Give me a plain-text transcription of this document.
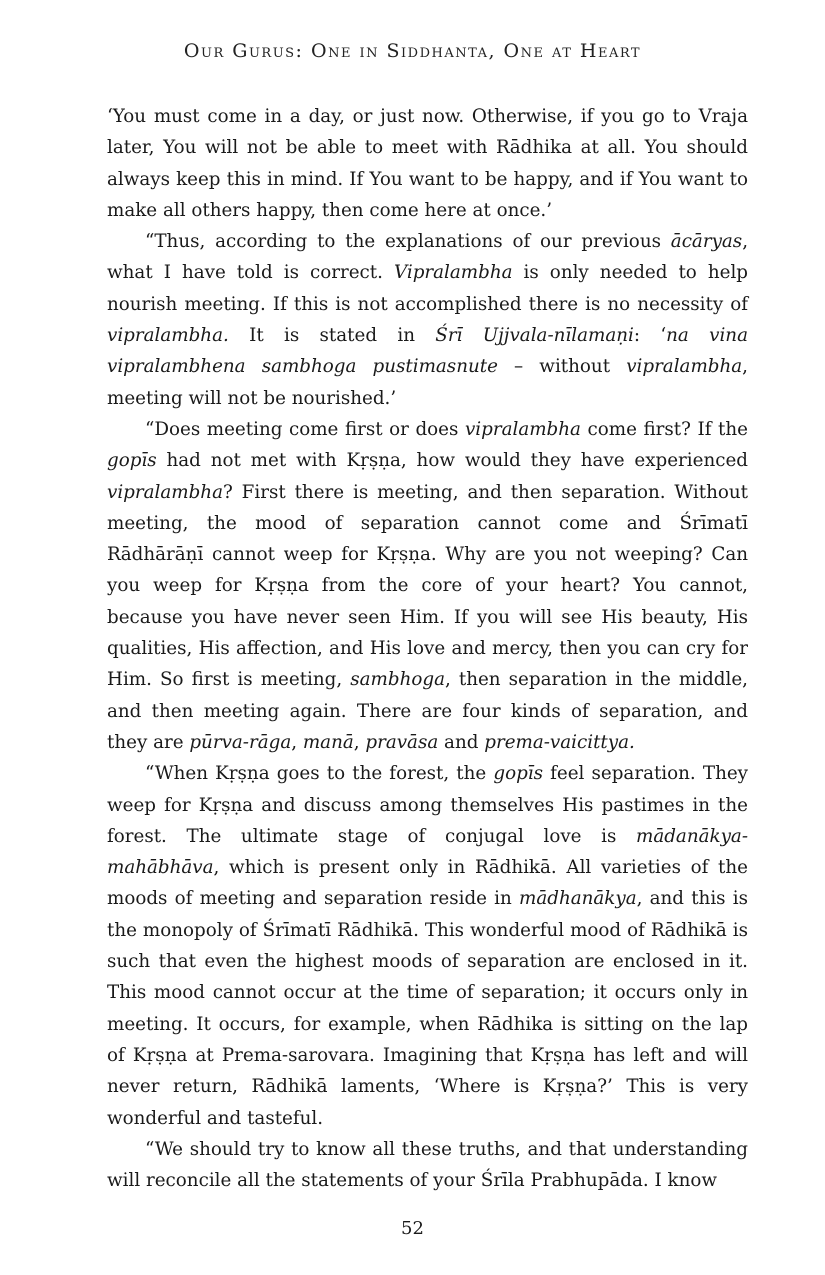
Our Gurus: One in Siddhanta, One at Heart

‘You must come in a day, or just now. Otherwise, if you go to Vraja later, You will not be able to meet with Rādhika at all. You should always keep this in mind. If You want to be happy, and if You want to make all others happy, then come here at once.’

“Thus, according to the explanations of our previous ācāryas, what I have told is correct. Vipralambha is only needed to help nourish meeting. If this is not accomplished there is no necessity of vipralambha. It is stated in Śrī Ujjvala-nīlamaṇi: ‘na vina vipralambhena sambhoga pustimasnute – without vipralambha, meeting will not be nourished.’

“Does meeting come first or does vipralambha come first? If the gopīs had not met with Kṛṣṇa, how would they have experienced vipralambha? First there is meeting, and then separation. Without meeting, the mood of separation cannot come and Śrīmatī Rādhārāṇī cannot weep for Kṛṣṇa. Why are you not weeping? Can you weep for Kṛṣṇa from the core of your heart? You cannot, because you have never seen Him. If you will see His beauty, His qualities, His affection, and His love and mercy, then you can cry for Him. So first is meeting, sambhoga, then separation in the middle, and then meeting again. There are four kinds of separation, and they are pūrva-rāga, manā, pravāsa and prema-vaicittya.

“When Kṛṣṇa goes to the forest, the gopīs feel separation. They weep for Kṛṣṇa and discuss among themselves His pastimes in the forest. The ultimate stage of conjugal love is mādanākya-mahābhāva, which is present only in Rādhikā. All varieties of the moods of meeting and separation reside in mādhanākya, and this is the monopoly of Śrīmatī Rādhikā. This wonderful mood of Rādhikā is such that even the highest moods of separation are enclosed in it. This mood cannot occur at the time of separation; it occurs only in meeting. It occurs, for example, when Rādhika is sitting on the lap of Kṛṣṇa at Prema-sarovara. Imagining that Kṛṣṇa has left and will never return, Rādhikā laments, ‘Where is Kṛṣṇa?’ This is very wonderful and tasteful.

“We should try to know all these truths, and that understanding will reconcile all the statements of your Śrīla Prabhupāda. I know

52
